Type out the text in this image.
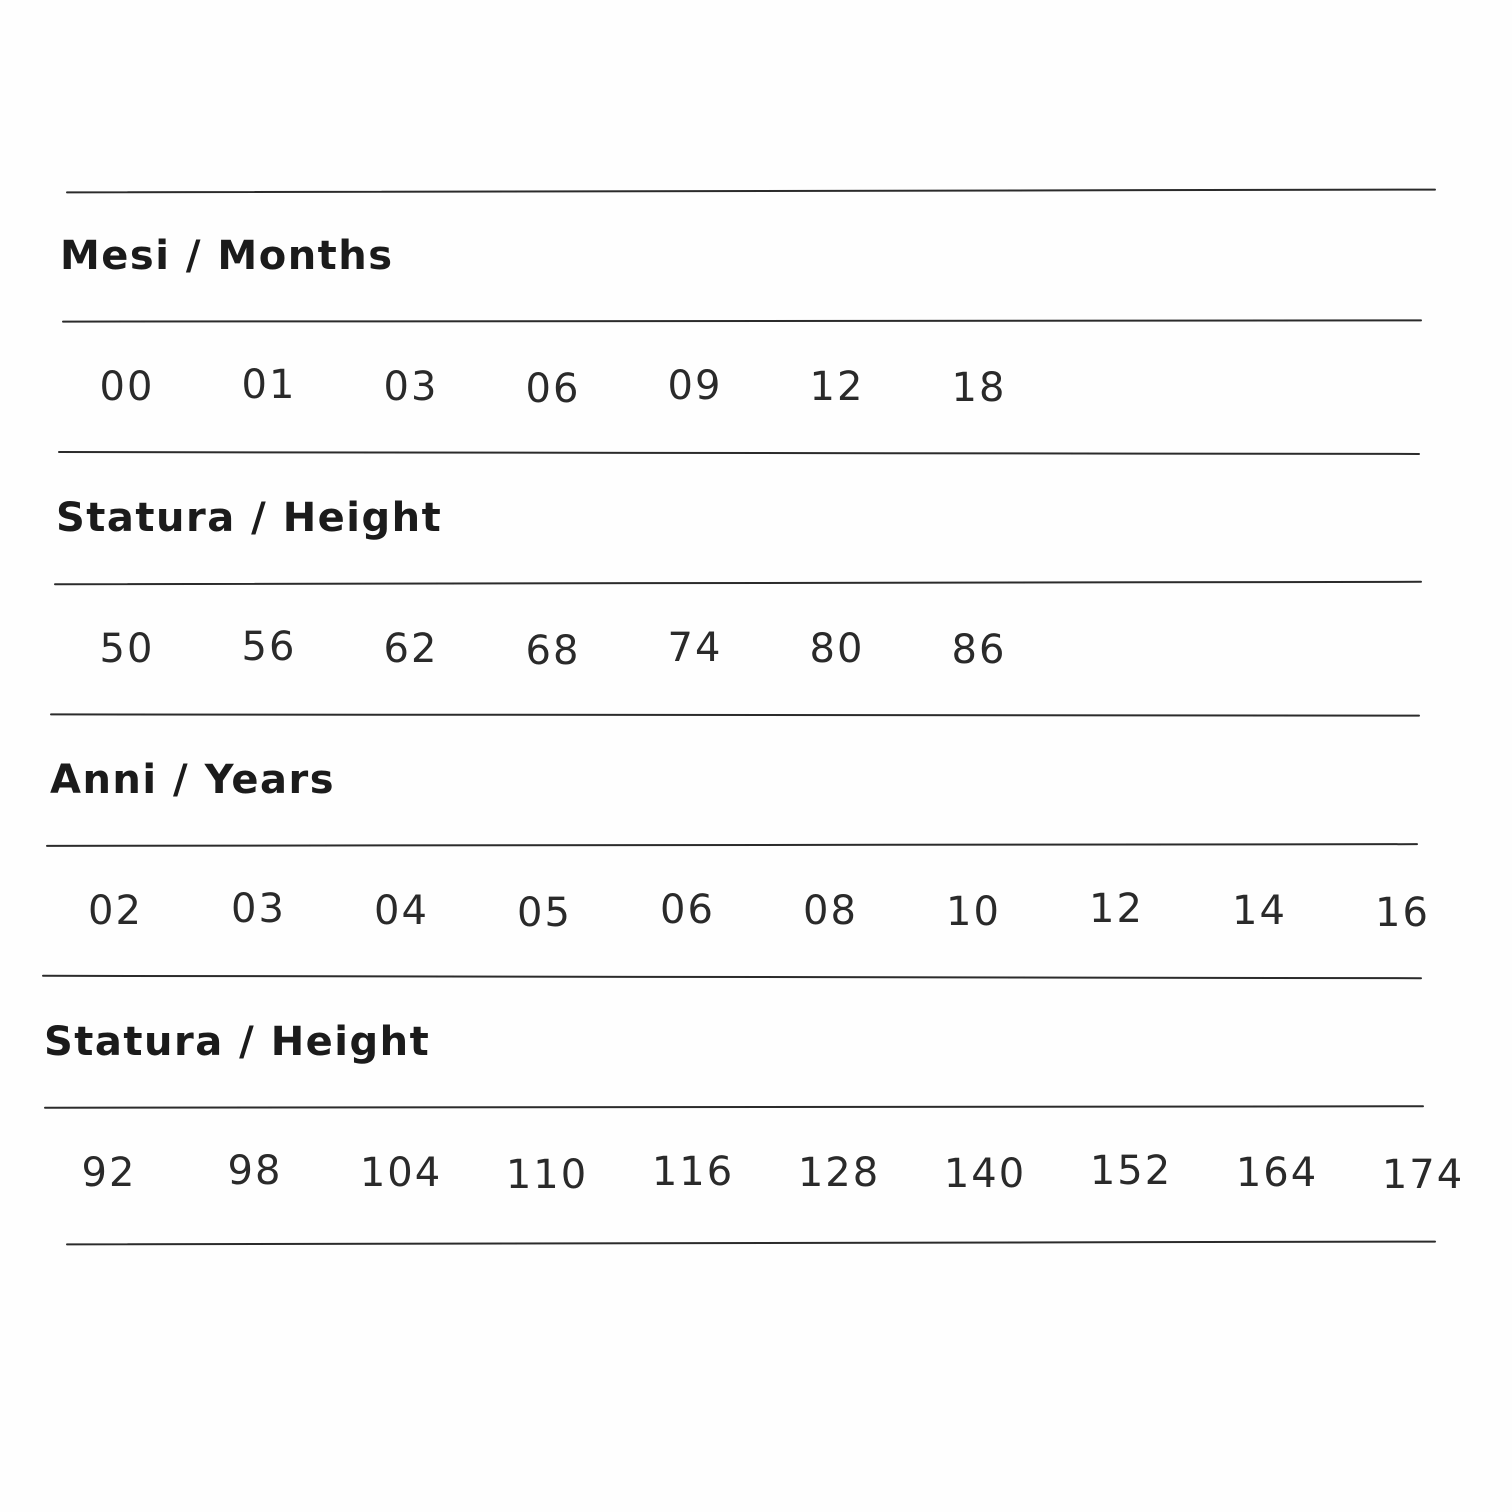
Mesi / Months
00	01	03	06	09	12	18
Statura / Height
50	56	62	68	74	80	86
Anni / Years
02	03	04	05	06	08	10	12	14	16
Statura / Height
92	98	104	110	116	128	140	152	164	174
